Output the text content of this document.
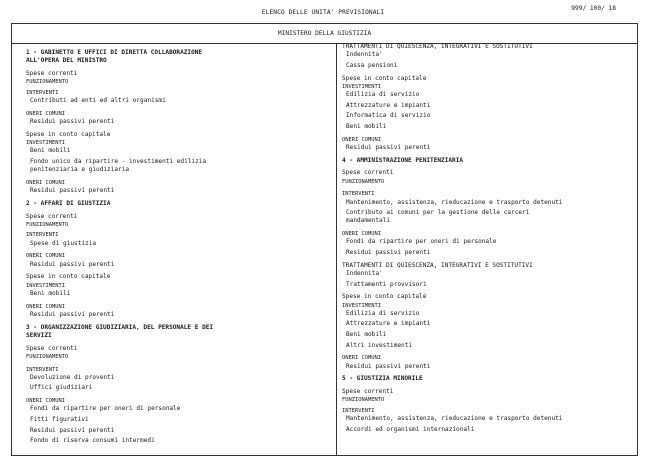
ELENCO DELLE UNITA' PREVISIONALI
999/ 100/ 18
MINISTERO DELLA GIUSTIZIA
1 - GABINETTO E UFFICI DI DIRETTA COLLABORAZIONE
ALL'OPERA DEL MINISTRO
Spese correnti
FUNZIONAMENTO
INTERVENTI
Contributi ad enti ed altri organismi
ONERI COMUNI
Residui passivi perenti
Spese in conto capitale
INVESTIMENTI
Beni mobili
Fondo unico da ripartire - investimenti edilizia
penitenziaria e giudiziaria
ONERI COMUNI
Residui passivi perenti
2 - AFFARI DI GIUSTIZIA
Spese correnti
FUNZIONAMENTO
INTERVENTI
Spese di giustizia
ONERI COMUNI
Residui passivi perenti
Spese in conto capitale
INVESTIMENTI
Beni mobili
ONERI COMUNI
Residui passivi perenti
3 - ORGANIZZAZIONE GIUDIZIARIA, DEL PERSONALE E DEI
SERVIZI
Spese correnti
FUNZIONAMENTO
INTERVENTI
Devoluzione di proventi
Uffici giudiziari
ONERI COMUNI
Fondi da ripartire per oneri di personale
Fitti figurativi
Residui passivi perenti
Fondo di riserva consumi intermedi
TRATTAMENTI DI QUIESCENZA, INTEGRATIVI E SOSTITUTIVI
Indennita'
Cassa pensioni
Spese in conto capitale
INVESTIMENTI
Edilizia di servizio
Attrezzature e impianti
Informatica di servizio
Beni mobili
ONERI COMUNI
Residui passivi perenti
4 - AMMINISTRAZIONE PENITENZIARIA
Spese correnti
FUNZIONAMENTO
INTERVENTI
Mantenimento, assistenza, rieducazione e trasporto detenuti
Contributo ai comuni per la gestione delle carceri
mandamentali
ONERI COMUNI
Fondi da ripartire per oneri di personale
Residui passivi perenti
TRATTAMENTI DI QUIESCENZA, INTEGRATIVI E SOSTITUTIVI
Indennita'
Trattamenti provvisori
Spese in conto capitale
INVESTIMENTI
Edilizia di servizio
Attrezzature e impianti
Beni mobili
Altri investimenti
ONERI COMUNI
Residui passivi perenti
5 - GIUSTIZIA MINORILE
Spese correnti
FUNZIONAMENTO
INTERVENTI
Mantenimento, assistenza, rieducazione e trasporto detenuti
Accordi ed organismi internazionali
